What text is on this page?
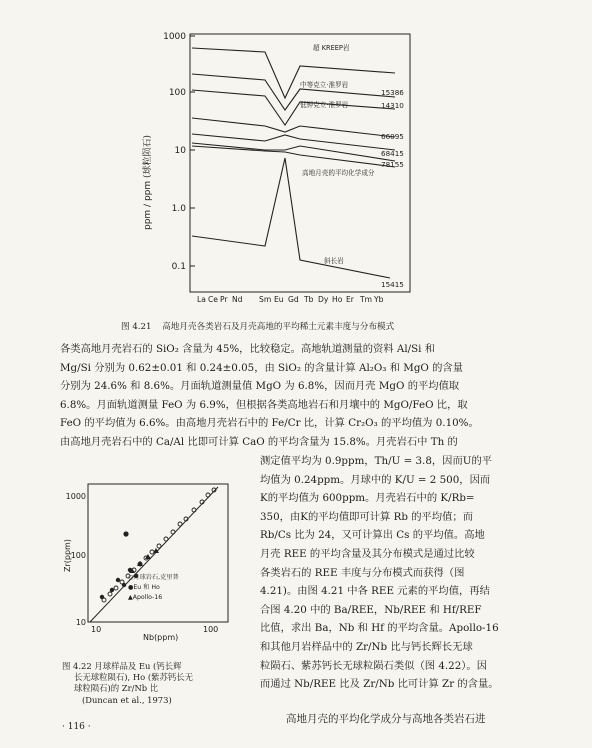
ppm / ppm (球粒陨石)
1000
100
10
1.0
0.1
La Ce Pr Nd Sm Eu Gd Tb Dy Ho Er Tm Yb
超 KREEP岩
中等克立·淮罗岩
低钾克立·淮罗岩
高地月壳的平均化学成分
斜长岩
15386
14310
66095
68415
78155
15415
图 4.21 高地月壳各类岩石及月壳高地的平均稀土元素丰度与分布模式
各类高地月壳岩石的 SiO₂ 含量为 45%，比较稳定。高地轨道测量的资料 Al/Si 和
Mg/Si 分别为 0.62±0.01 和 0.24±0.05，由 SiO₂ 的含量计算 Al₂O₃ 和 MgO 的含量
分别为 24.6% 和 8.6%。月面轨道测量值 MgO 为 6.8%，因而月壳 MgO 的平均值取
6.8%。月面轨道测量 FeO 为 6.9%，但根据各类高地岩石和月壤中的 MgO/FeO 比，取
FeO 的平均值为 6.6%。由高地月壳岩石中的 Fe/Cr 比，计算 Cr₂O₃ 的平均值为 0.10%。
由高地月壳岩石中的 Ca/Al 比即可计算 CaO 的平均含量为 15.8%。月壳岩石中 Th 的
Zr(ppm)
1000
100
10
10	100
Nb(ppm)
○月球岩石,克里普
●Eu 和 Ho
▲Apollo-16
图 4.22 月球样品及 Eu (钙长辉
长无球粒陨石), Ho (紫苏钙长无
球粒陨石)的 Zr/Nb 比
(Duncan et al., 1973)
测定值平均为 0.9ppm，Th/U = 3.8，因而U的平
均值为 0.24ppm。月球中的 K/U = 2 500，因而
K的平均值为 600ppm。月壳岩石中的 K/Rb=
350，由K的平均值即可计算 Rb 的平均值；而
Rb/Cs 比为 24，又可计算出 Cs 的平均值。高地
月壳 REE 的平均含量及其分布模式是通过比较
各类岩石的 REE 丰度与分布模式而获得（图
4.21)。由图 4.21 中各 REE 元素的平均值，再结
合图 4.20 中的 Ba/REE，Nb/REE 和 Hf/REF
比值，求出 Ba，Nb 和 Hf 的平均含量。Apollo-16
和其他月岩样品中的 Zr/Nb 比与钙长辉长无球
粒陨石、紫苏钙长无球粒陨石类似（图 4.22）。因
而通过 Nb/REE 比及 Zr/Nb 比可计算 Zr 的含量。
高地月壳的平均化学成分与高地各类岩石进
· 116 ·
